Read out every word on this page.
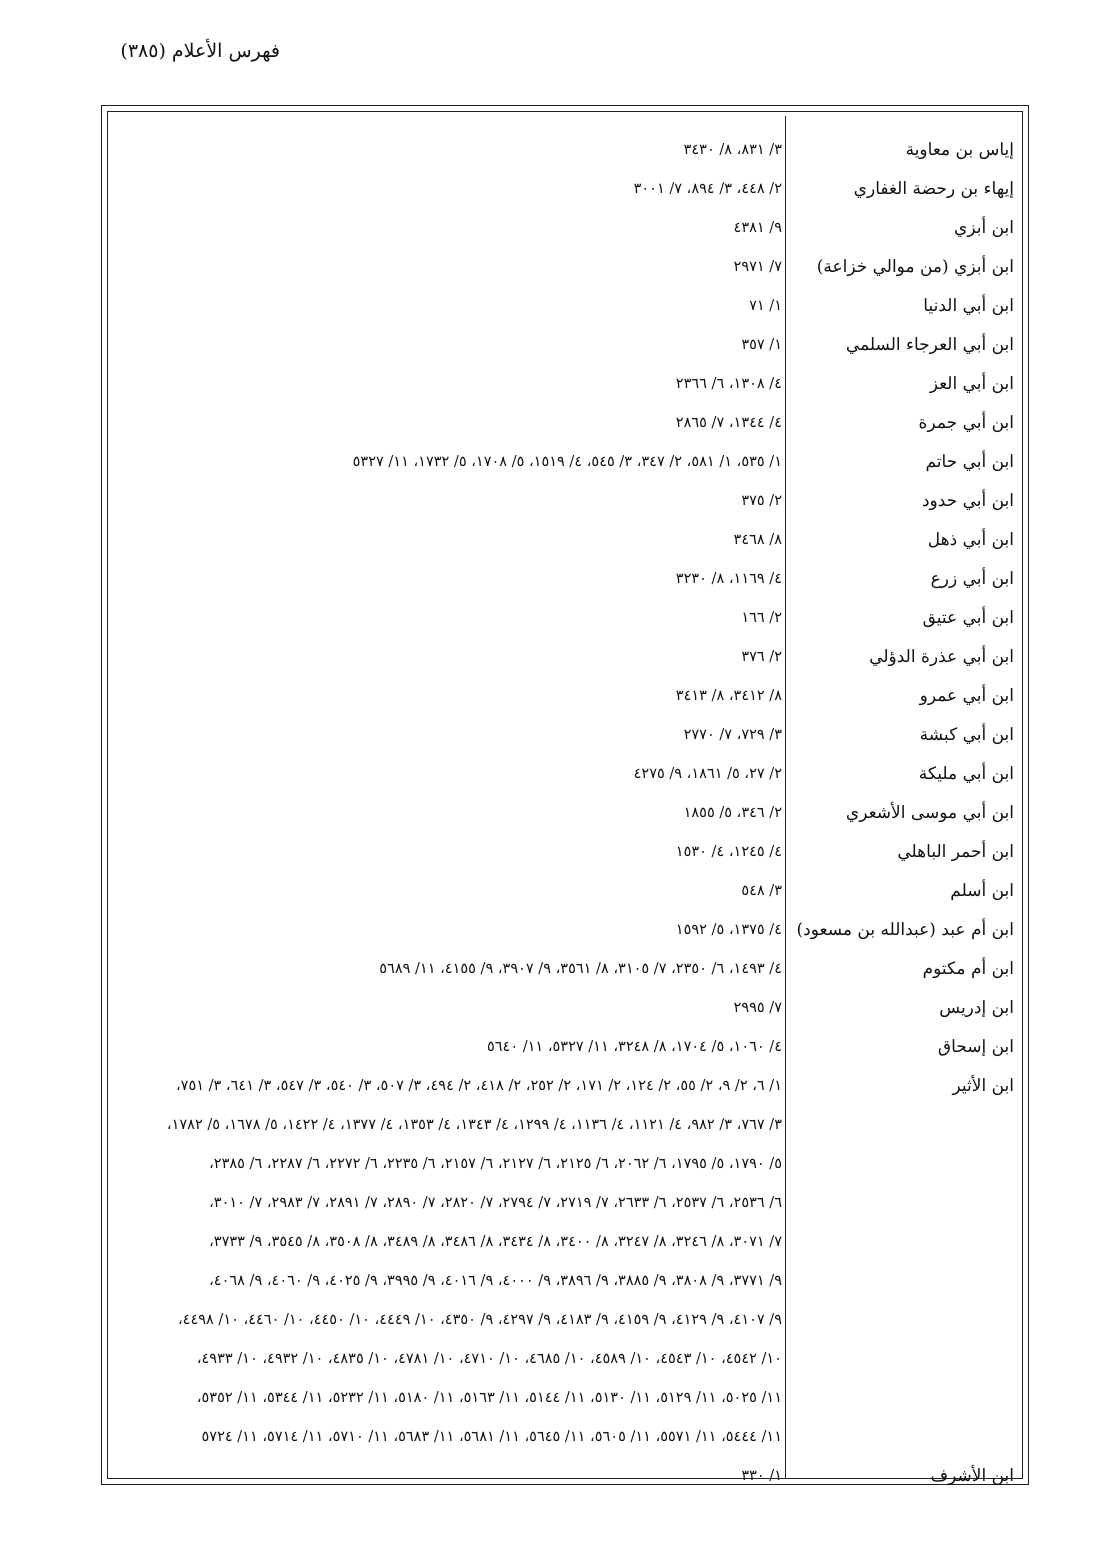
فهرس الأعلام (٣٨٥)
إياس بن معاوية
إيهاء بن رحضة الغفاري
ابن أبزي
ابن أبزي (من موالي خزاعة)
ابن أبي الدنيا
ابن أبي العرجاء السلمي
ابن أبي العز
ابن أبي جمرة
ابن أبي حاتم
ابن أبي حدود
ابن أبي ذهل
ابن أبي زرع
ابن أبي عتيق
ابن أبي عذرة الدؤلي
ابن أبي عمرو
ابن أبي كبشة
ابن أبي مليكة
ابن أبي موسى الأشعري
ابن أحمر الباهلي
ابن أسلم
ابن أم عبد (عبدالله بن مسعود)
ابن أم مكتوم
ابن إدريس
ابن إسحاق
ابن الأثير
ابن الأشرف
٣/ ٨٣١، ٨/ ٣٤٣٠
٢/ ٤٤٨، ٣/ ٨٩٤، ٧/ ٣٠٠١
٩/ ٤٣٨١
٧/ ٢٩٧١
١/ ٧١
١/ ٣٥٧
٤/ ١٣٠٨، ٦/ ٢٣٦٦
٤/ ١٣٤٤، ٧/ ٢٨٦٥
١/ ٥٣٥، ١/ ٥٨١، ٢/ ٣٤٧، ٣/ ٥٤٥، ٤/ ١٥١٩، ٥/ ١٧٠٨، ٥/ ١٧٣٢، ١١/ ٥٣٢٧
٢/ ٣٧٥
٨/ ٣٤٦٨
٤/ ١١٦٩، ٨/ ٣٢٣٠
٢/ ١٦٦
٢/ ٣٧٦
٨/ ٣٤١٢، ٨/ ٣٤١٣
٣/ ٧٢٩، ٧/ ٢٧٧٠
٢/ ٢٧، ٥/ ١٨٦١، ٩/ ٤٢٧٥
٢/ ٣٤٦، ٥/ ١٨٥٥
٤/ ١٢٤٥، ٤/ ١٥٣٠
٣/ ٥٤٨
٤/ ١٣٧٥، ٥/ ١٥٩٢
٤/ ١٤٩٣، ٦/ ٢٣٥٠، ٧/ ٣١٠٥، ٨/ ٣٥٦١، ٩/ ٣٩٠٧، ٩/ ٤١٥٥، ١١/ ٥٦٨٩
٧/ ٢٩٩٥
٤/ ١٠٦٠، ٥/ ١٧٠٤، ٨/ ٣٢٤٨، ١١/ ٥٣٢٧، ١١/ ٥٦٤٠
١/ ٦، ٢/ ٩، ٢/ ٥٥، ٢/ ١٢٤، ٢/ ١٧١، ٢/ ٢٥٢، ٢/ ٤١٨، ٢/ ٤٩٤، ٣/ ٥٠٧، ٣/ ٥٤٠، ٣/ ٥٤٧، ٣/ ٦٤١، ٣/ ٧٥١،
٣/ ٧٦٧، ٣/ ٩٨٢، ٤/ ١١٢١، ٤/ ١١٣٦، ٤/ ١٢٩٩، ٤/ ١٣٤٣، ٤/ ١٣٥٣، ٤/ ١٣٧٧، ٤/ ١٤٢٢، ٥/ ١٦٧٨، ٥/ ١٧٨٢،
٥/ ١٧٩٠، ٥/ ١٧٩٥، ٦/ ٢٠٦٢، ٦/ ٢١٢٥، ٦/ ٢١٢٧، ٦/ ٢١٥٧، ٦/ ٢٢٣٥، ٦/ ٢٢٧٢، ٦/ ٢٢٨٧، ٦/ ٢٣٨٥،
٦/ ٢٥٣٦، ٦/ ٢٥٣٧، ٦/ ٢٦٣٣، ٧/ ٢٧١٩، ٧/ ٢٧٩٤، ٧/ ٢٨٢٠، ٧/ ٢٨٩٠، ٧/ ٢٨٩١، ٧/ ٢٩٨٣، ٧/ ٣٠١٠،
٧/ ٣٠٧١، ٨/ ٣٢٤٦، ٨/ ٣٢٤٧، ٨/ ٣٤٠٠، ٨/ ٣٤٣٤، ٨/ ٣٤٨٦، ٨/ ٣٤٨٩، ٨/ ٣٥٠٨، ٨/ ٣٥٤٥، ٩/ ٣٧٣٣،
٩/ ٣٧٧١، ٩/ ٣٨٠٨، ٩/ ٣٨٨٥، ٩/ ٣٨٩٦، ٩/ ٤٠٠٠، ٩/ ٤٠١٦، ٩/ ٣٩٩٥، ٩/ ٤٠٢٥، ٩/ ٤٠٦٠، ٩/ ٤٠٦٨،
٩/ ٤١٠٧، ٩/ ٤١٢٩، ٩/ ٤١٥٩، ٩/ ٤١٨٣، ٩/ ٤٢٩٧، ٩/ ٤٣٥٠، ١٠/ ٤٤٤٩، ١٠/ ٤٤٥٠، ١٠/ ٤٤٦٠، ١٠/ ٤٤٩٨،
١٠/ ٤٥٤٢، ١٠/ ٤٥٤٣، ١٠/ ٤٥٨٩، ١٠/ ٤٦٨٥، ١٠/ ٤٧١٠، ١٠/ ٤٧٨١، ١٠/ ٤٨٣٥، ١٠/ ٤٩٣٢، ١٠/ ٤٩٣٣،
١١/ ٥٠٢٥، ١١/ ٥١٢٩، ١١/ ٥١٣٠، ١١/ ٥١٤٤، ١١/ ٥١٦٣، ١١/ ٥١٨٠، ١١/ ٥٢٣٢، ١١/ ٥٣٤٤، ١١/ ٥٣٥٢،
١١/ ٥٤٤٤، ١١/ ٥٥٧١، ١١/ ٥٦٠٥، ١١/ ٥٦٤٥، ١١/ ٥٦٨١، ١١/ ٥٦٨٣، ١١/ ٥٧١٠، ١١/ ٥٧١٤، ١١/ ٥٧٢٤
١/ ٣٣٠
